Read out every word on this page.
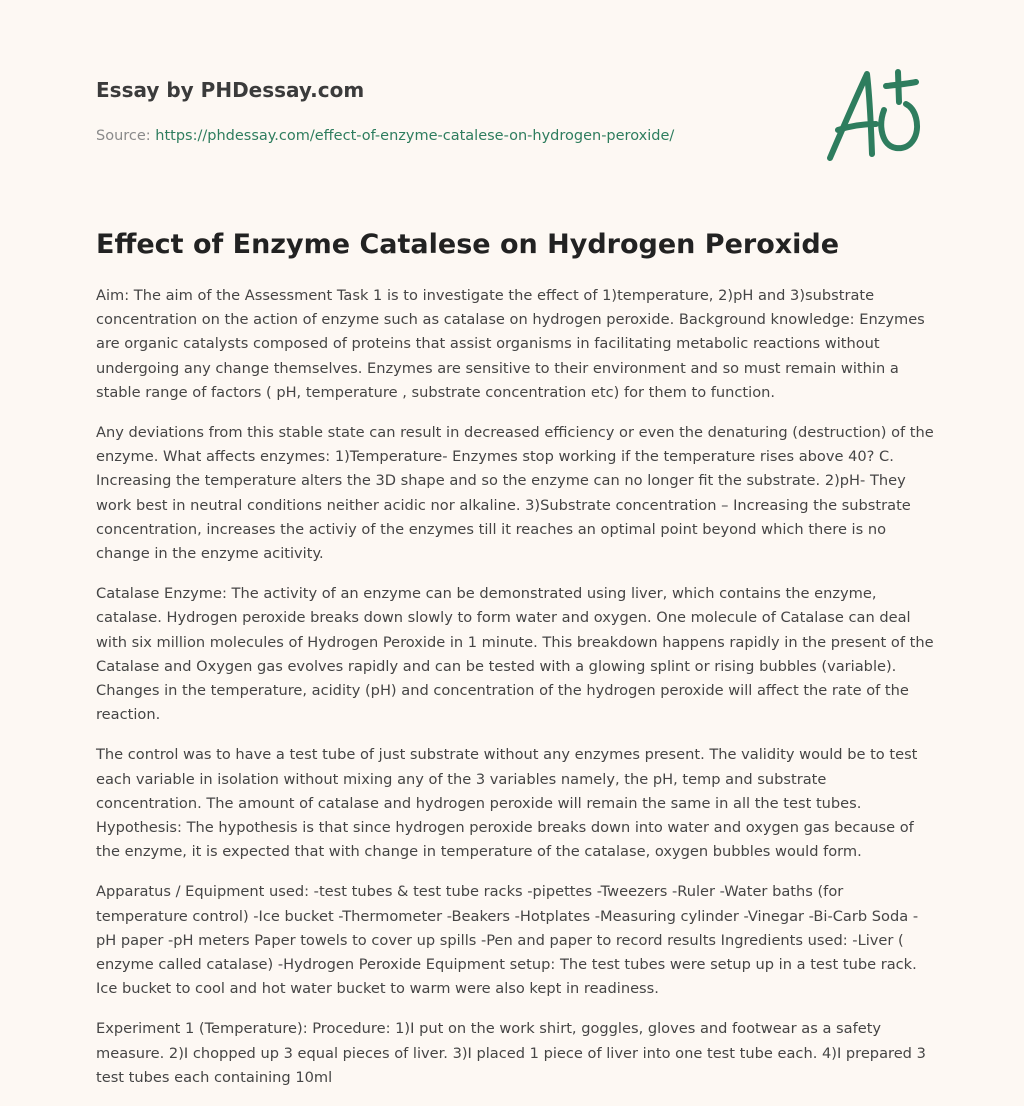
Essay by PHDessay.com

Source: https://phdessay.com/effect-of-enzyme-catalese-on-hydrogen-peroxide/
Effect of Enzyme Catalese on Hydrogen Peroxide

Aim: The aim of the Assessment Task 1 is to investigate the effect of 1)temperature, 2)pH and 3)substrate concentration on the action of enzyme such as catalase on hydrogen peroxide. Background knowledge: Enzymes are organic catalysts composed of proteins that assist organisms in facilitating metabolic reactions without undergoing any change themselves. Enzymes are sensitive to their environment and so must remain within a stable range of factors ( pH, temperature , substrate concentration etc) for them to function.

Any deviations from this stable state can result in decreased efficiency or even the denaturing (destruction) of the enzyme. What affects enzymes: 1)Temperature- Enzymes stop working if the temperature rises above 40? C. Increasing the temperature alters the 3D shape and so the enzyme can no longer fit the substrate. 2)pH- They work best in neutral conditions neither acidic nor alkaline. 3)Substrate concentration – Increasing the substrate concentration, increases the activiy of the enzymes till it reaches an optimal point beyond which there is no change in the enzyme acitivity.

Catalase Enzyme: The activity of an enzyme can be demonstrated using liver, which contains the enzyme, catalase. Hydrogen peroxide breaks down slowly to form water and oxygen. One molecule of Catalase can deal with six million molecules of Hydrogen Peroxide in 1 minute. This breakdown happens rapidly in the present of the Catalase and Oxygen gas evolves rapidly and can be tested with a glowing splint or rising bubbles (variable). Changes in the temperature, acidity (pH) and concentration of the hydrogen peroxide will affect the rate of the reaction.

The control was to have a test tube of just substrate without any enzymes present. The validity would be to test each variable in isolation without mixing any of the 3 variables namely, the pH, temp and substrate concentration. The amount of catalase and hydrogen peroxide will remain the same in all the test tubes. Hypothesis: The hypothesis is that since hydrogen peroxide breaks down into water and oxygen gas because of the enzyme, it is expected that with change in temperature of the catalase, oxygen bubbles would form.

Apparatus / Equipment used: -test tubes & test tube racks -pipettes -Tweezers -Ruler -Water baths (for temperature control) -Ice bucket -Thermometer -Beakers -Hotplates -Measuring cylinder -Vinegar -Bi-Carb Soda -pH paper -pH meters Paper towels to cover up spills -Pen and paper to record results Ingredients used: -Liver ( enzyme called catalase) -Hydrogen Peroxide Equipment setup: The test tubes were setup up in a test tube rack. Ice bucket to cool and hot water bucket to warm were also kept in readiness.

Experiment 1 (Temperature): Procedure: 1)I put on the work shirt, goggles, gloves and footwear as a safety measure. 2)I chopped up 3 equal pieces of liver. 3)I placed 1 piece of liver into one test tube each. 4)I prepared 3 test tubes each containing 10ml
